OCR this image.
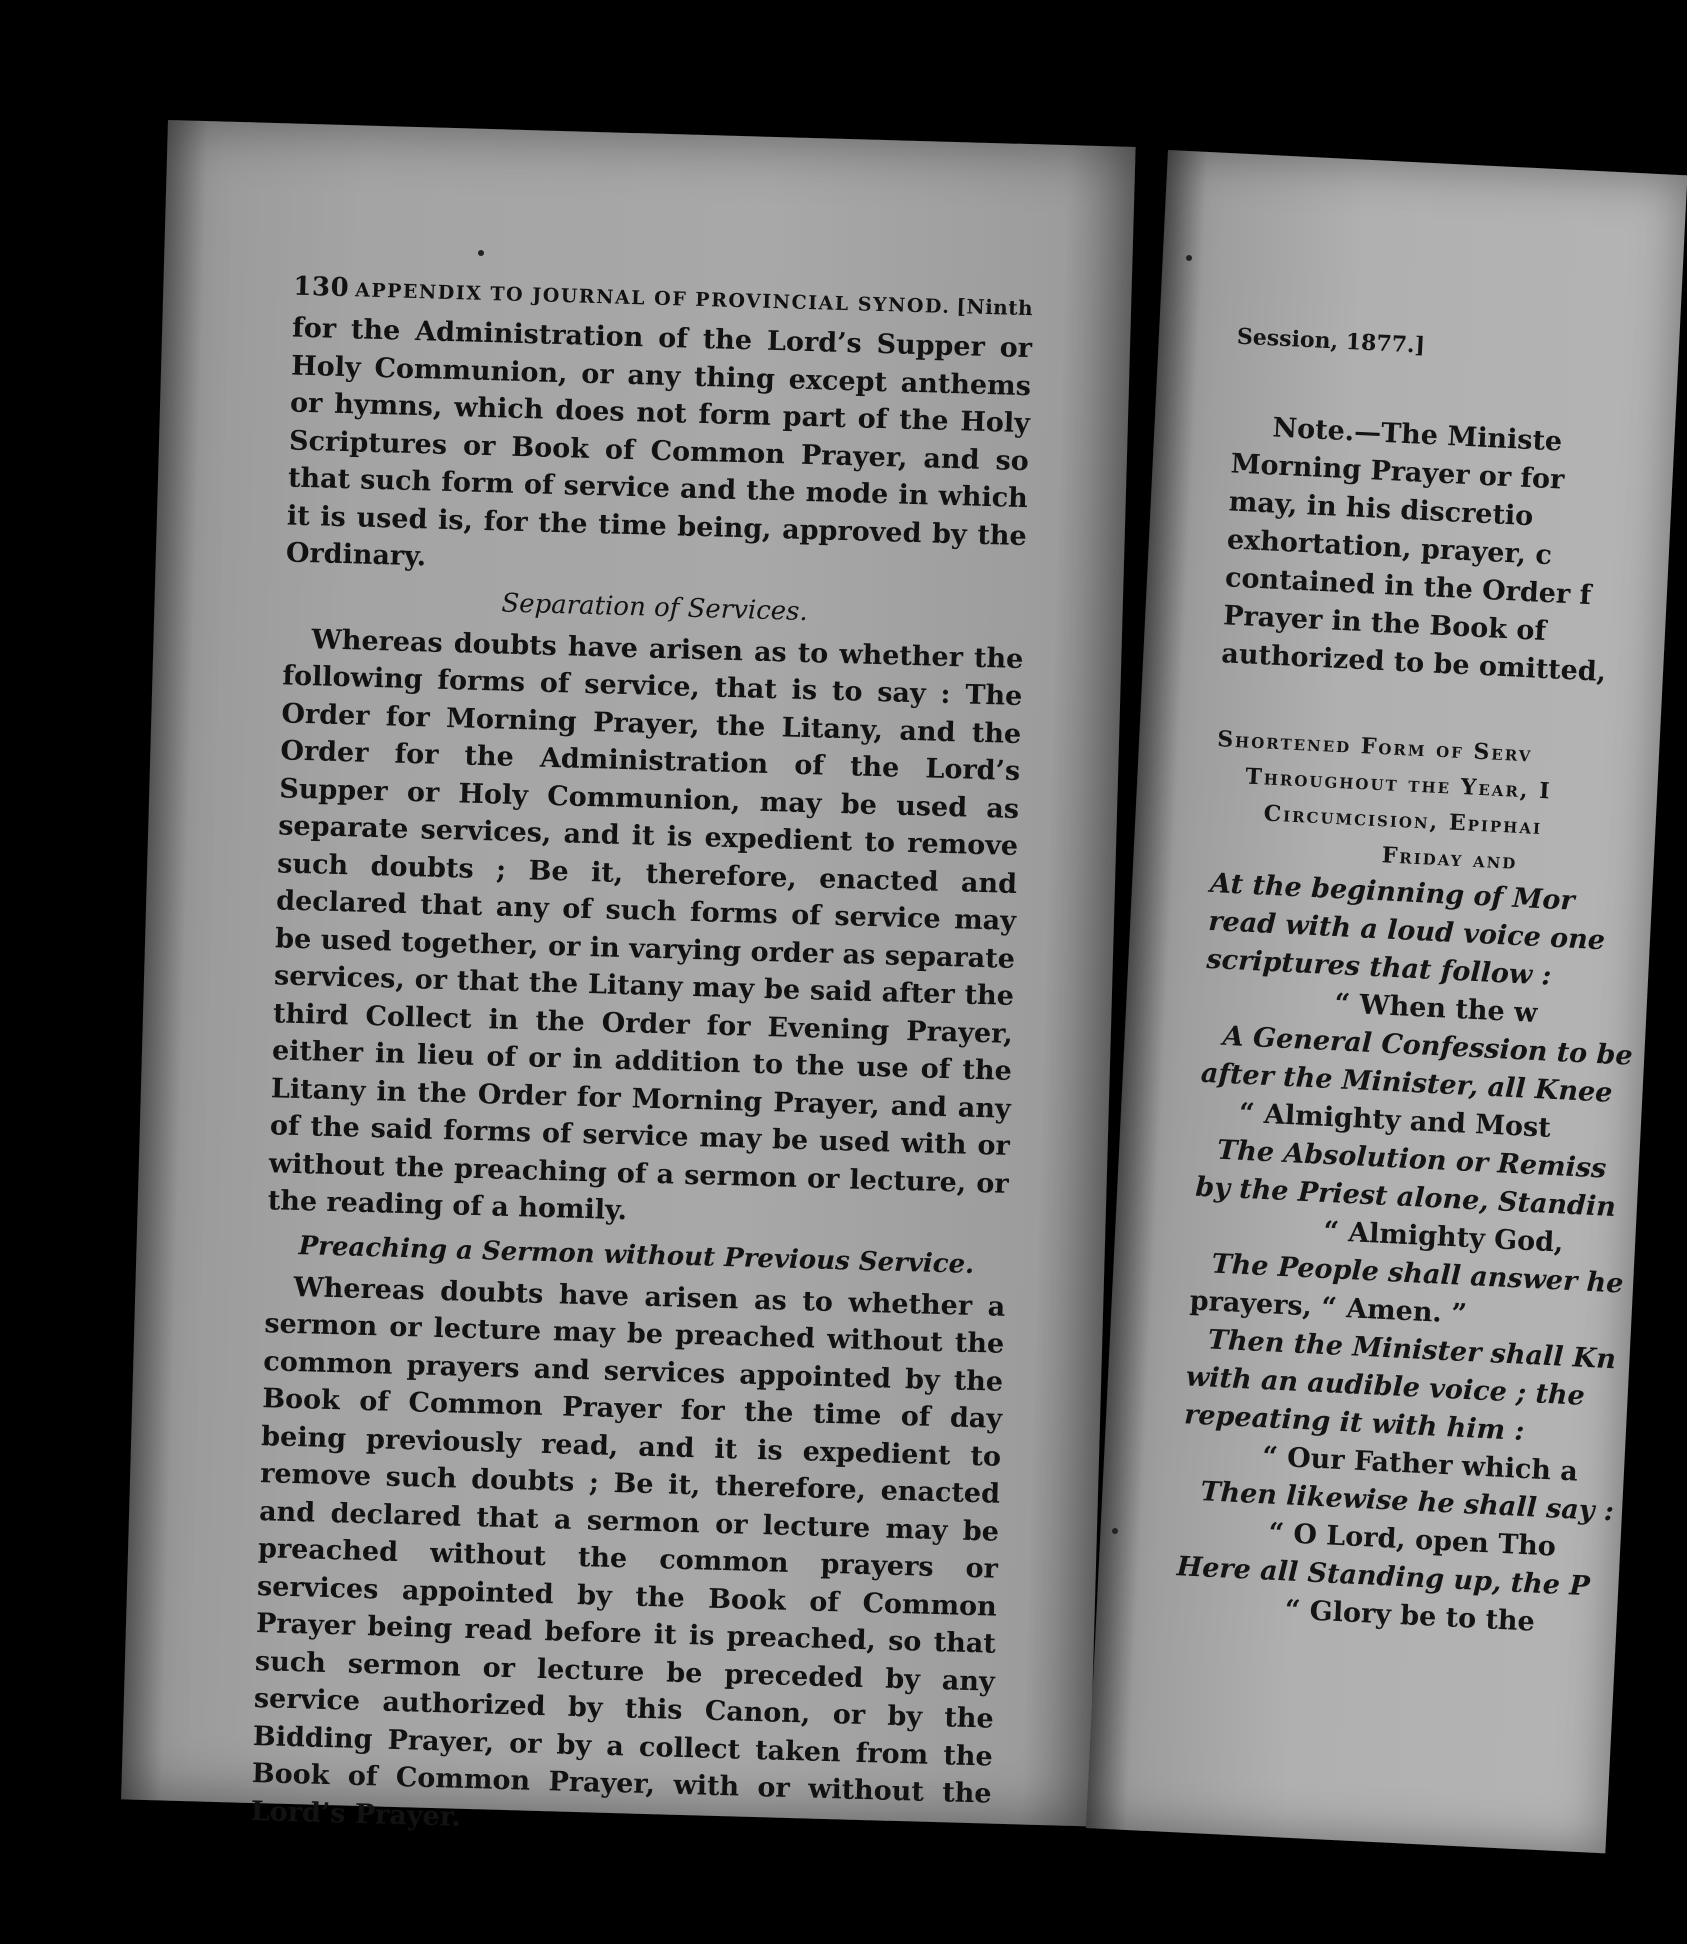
130 APPENDIX TO JOURNAL OF PROVINCIAL SYNOD. [Ninth

for the Administration of the Lord’s Supper or Holy Communion, or any thing except anthems or hymns, which does not form part of the Holy Scriptures or Book of Common Prayer, and so that such form of service and the mode in which it is used is, for the time being, approved by the Ordinary.

Separation of Services.

Whereas doubts have arisen as to whether the following forms of service, that is to say : The Order for Morning Prayer, the Litany, and the Order for the Administration of the Lord’s Supper or Holy Communion, may be used as separate services, and it is expedient to remove such doubts ; Be it, therefore, enacted and declared that any of such forms of service may be used together, or in varying order as separate services, or that the Litany may be said after the third Collect in the Order for Evening Prayer, either in lieu of or in addition to the use of the Litany in the Order for Morning Prayer, and any of the said forms of service may be used with or without the preaching of a sermon or lecture, or the reading of a homily.

Preaching a Sermon without Previous Service.

Whereas doubts have arisen as to whether a sermon or lecture may be preached without the common prayers and services appointed by the Book of Common Prayer for the time of day being previously read, and it is expedient to remove such doubts ; Be it, therefore, enacted and declared that a sermon or lecture may be preached without the common prayers or services appointed by the Book of Common Prayer being read before it is preached, so that such sermon or lecture be preceded by any service authorized by this Canon, or by the Bidding Prayer, or by a collect taken from the Book of Common Prayer, with or without the Lord’s Prayer.

Session, 1877.]
Note.—The Ministe
Morning Prayer or for
may, in his discretio
exhortation, prayer, c
contained in the Order f
Prayer in the Book of
authorized to be omitted,
Shortened Form of Serv
Throughout the Year, I
Circumcision, Epiphai
Friday and
At the beginning of Mor
read with a loud voice one
scriptures that follow :
“ When the w
A General Confession to be
after the Minister, all Knee
“ Almighty and Most
The Absolution or Remiss
by the Priest alone, Standin
“ Almighty God,
The People shall answer he
prayers, “ Amen. ”
Then the Minister shall Kn
with an audible voice ; the
repeating it with him :
“ Our Father which a
Then likewise he shall say :
“ O Lord, open Tho
Here all Standing up, the P
“ Glory be to the
